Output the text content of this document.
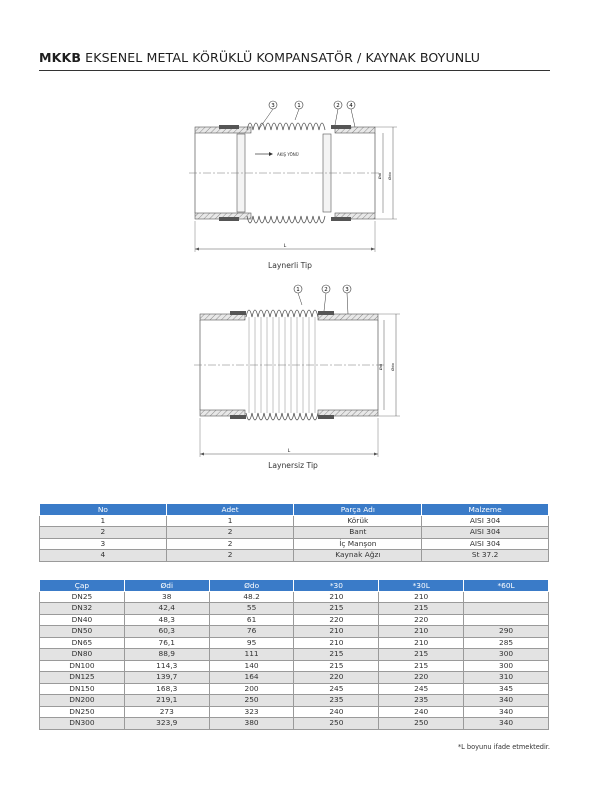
MKKB EKSENEL METAL KÖRÜKLÜ KOMPANSATÖR / KAYNAK BOYUNLU
AKIŞ YÖNÜ
3	1	2 4
L
Ødi Ødo
Laynerli Tip
1	2	3
L
Ødi Ødo
Laynersiz Tip
No	Adet	Parça Adı	Malzeme
1	1	Körük	AISI 304
2	2	Bant	AISI 304
3	2	İç Manşon	AISI 304
4	2	Kaynak Ağzı	St 37.2
Çap	Ødi	Ødo	*30	*30L	*60L
DN25	38	48.2	210	210	
DN32	42,4	55	215	215	
DN40	48,3	61	220	220	
DN50	60,3	76	210	210	290
DN65	76,1	95	210	210	285
DN80	88,9	111	215	215	300
DN100	114,3	140	215	215	300
DN125	139,7	164	220	220	310
DN150	168,3	200	245	245	345
DN200	219,1	250	235	235	340
DN250	273	323	240	240	340
DN300	323,9	380	250	250	340
*L boyunu ifade etmektedir.
